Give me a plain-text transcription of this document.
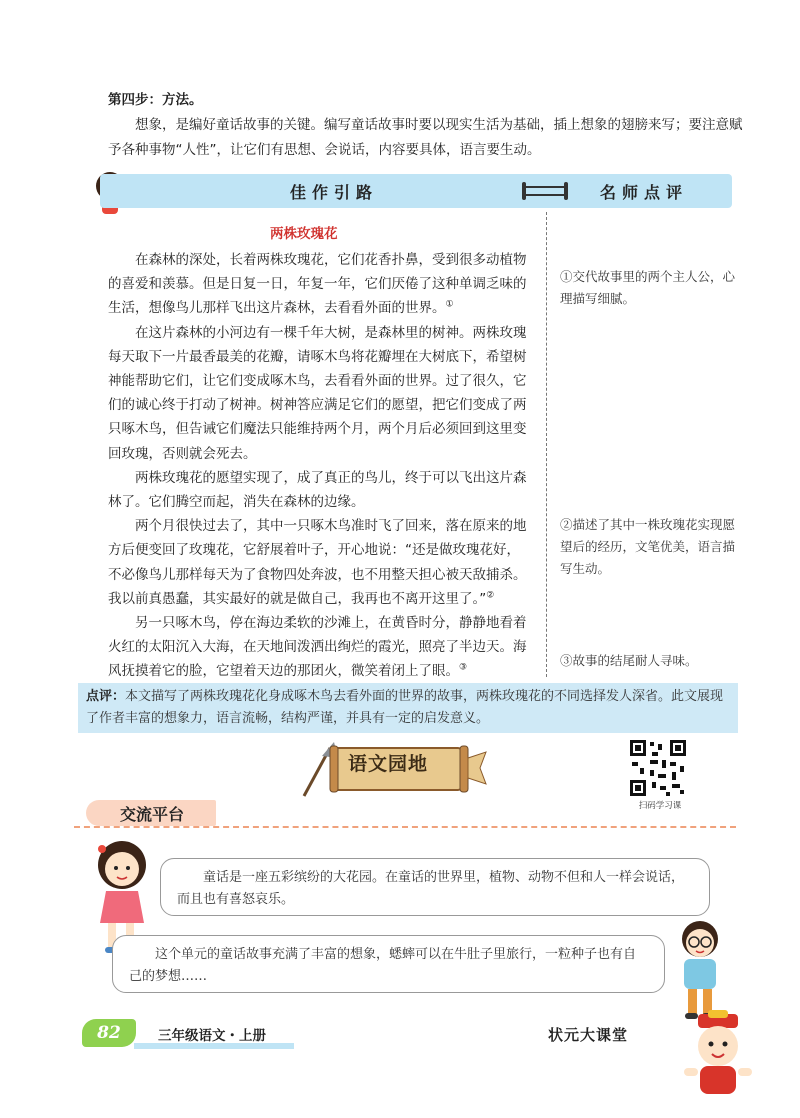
第四步：方法。

想象，是编好童话故事的关键。编写童话故事时要以现实生活为基础，插上想象的翅膀来写；要注意赋予各种事物“人性”，让它们有思想、会说话，内容要具体，语言要生动。

佳作引路	名师点评
两株玫瑰花

在森林的深处，长着两株玫瑰花，它们花香扑鼻，受到很多动植物的喜爱和羡慕。但是日复一日，年复一年，它们厌倦了这种单调乏味的生活，想像鸟儿那样飞出这片森林，去看看外面的世界。①

在这片森林的小河边有一棵千年大树，是森林里的树神。两株玫瑰每天取下一片最香最美的花瓣，请啄木鸟将花瓣埋在大树底下，希望树神能帮助它们，让它们变成啄木鸟，去看看外面的世界。过了很久，它们的诚心终于打动了树神。树神答应满足它们的愿望，把它们变成了两只啄木鸟，但告诫它们魔法只能维持两个月，两个月后必须回到这里变回玫瑰，否则就会死去。

两株玫瑰花的愿望实现了，成了真正的鸟儿，终于可以飞出这片森林了。它们腾空而起，消失在森林的边缘。

两个月很快过去了，其中一只啄木鸟准时飞了回来，落在原来的地方后便变回了玫瑰花，它舒展着叶子，开心地说：“还是做玫瑰花好，不必像鸟儿那样每天为了食物四处奔波，也不用整天担心被天敌捕杀。我以前真愚蠢，其实最好的就是做自己，我再也不离开这里了。”②

另一只啄木鸟，停在海边柔软的沙滩上，在黄昏时分，静静地看着火红的太阳沉入大海，在天地间泼洒出绚烂的霞光，照亮了半边天。海风抚摸着它的脸，它望着天边的那团火，微笑着闭上了眼。③

①交代故事里的两个主人公，心理描写细腻。
②描述了其中一株玫瑰花实现愿望后的经历，文笔优美，语言描写生动。
③故事的结尾耐人寻味。
点评：本文描写了两株玫瑰花化身成啄木鸟去看外面的世界的故事，两株玫瑰花的不同选择发人深省。此文展现了作者丰富的想象力，语言流畅，结构严谨，并具有一定的启发意义。
语文园地
扫码学习课
交流平台
童话是一座五彩缤纷的大花园。在童话的世界里，植物、动物不但和人一样会说话，而且也有喜怒哀乐。
这个单元的童话故事充满了丰富的想象，蟋蟀可以在牛肚子里旅行，一粒种子也有自己的梦想……
82	三年级语文・上册	状元大课堂
